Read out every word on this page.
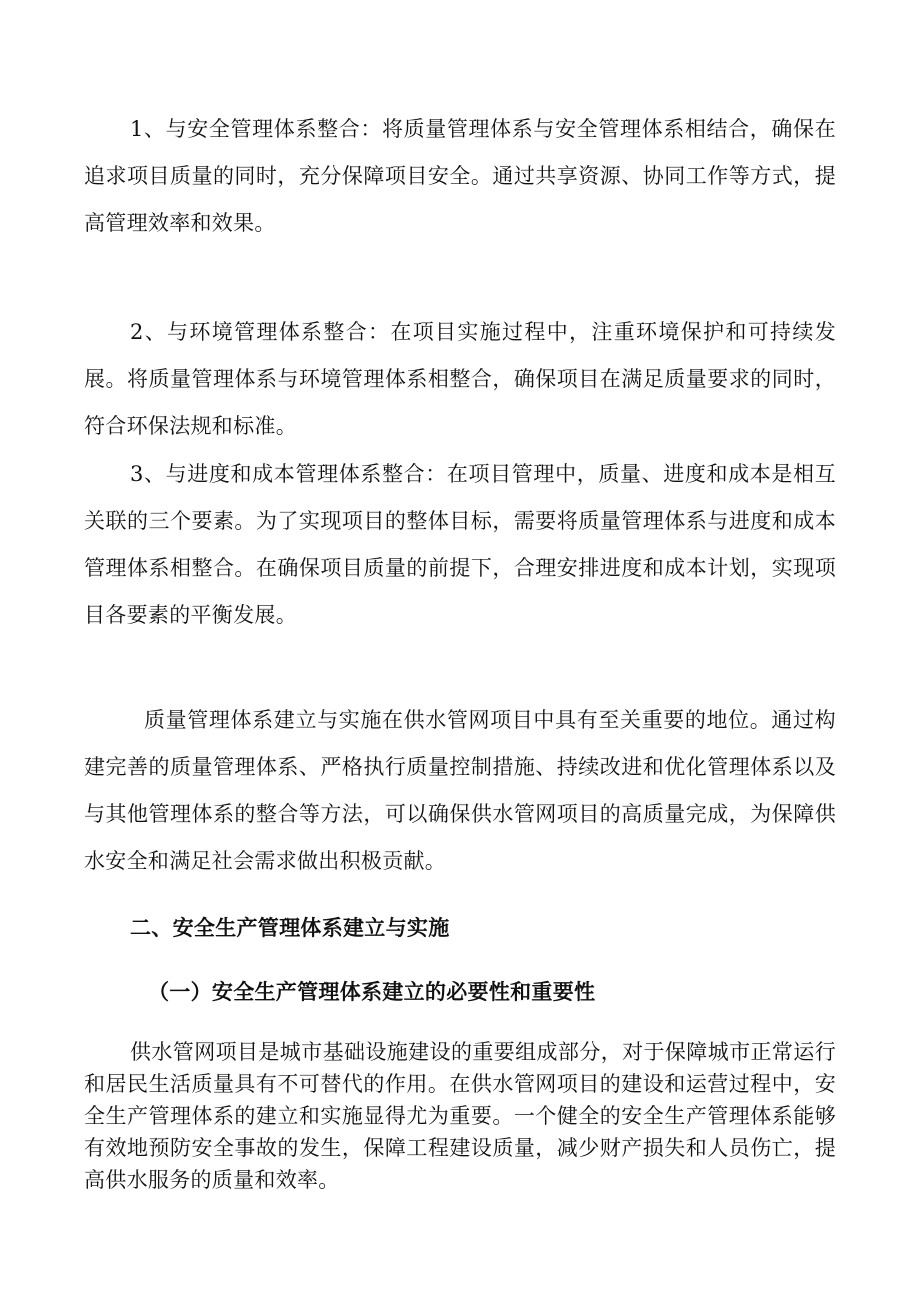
1、与安全管理体系整合：将质量管理体系与安全管理体系相结合，确保在追求项目质量的同时，充分保障项目安全。通过共享资源、协同工作等方式，提高管理效率和效果。

2、与环境管理体系整合：在项目实施过程中，注重环境保护和可持续发展。将质量管理体系与环境管理体系相整合，确保项目在满足质量要求的同时，符合环保法规和标准。

3、与进度和成本管理体系整合：在项目管理中，质量、进度和成本是相互关联的三个要素。为了实现项目的整体目标，需要将质量管理体系与进度和成本管理体系相整合。在确保项目质量的前提下，合理安排进度和成本计划，实现项目各要素的平衡发展。

质量管理体系建立与实施在供水管网项目中具有至关重要的地位。通过构建完善的质量管理体系、严格执行质量控制措施、持续改进和优化管理体系以及与其他管理体系的整合等方法，可以确保供水管网项目的高质量完成，为保障供水安全和满足社会需求做出积极贡献。

二、安全生产管理体系建立与实施
（一）安全生产管理体系建立的必要性和重要性

供水管网项目是城市基础设施建设的重要组成部分，对于保障城市正常运行和居民生活质量具有不可替代的作用。在供水管网项目的建设和运营过程中，安全生产管理体系的建立和实施显得尤为重要。一个健全的安全生产管理体系能够有效地预防安全事故的发生，保障工程建设质量，减少财产损失和人员伤亡，提高供水服务的质量和效率。
